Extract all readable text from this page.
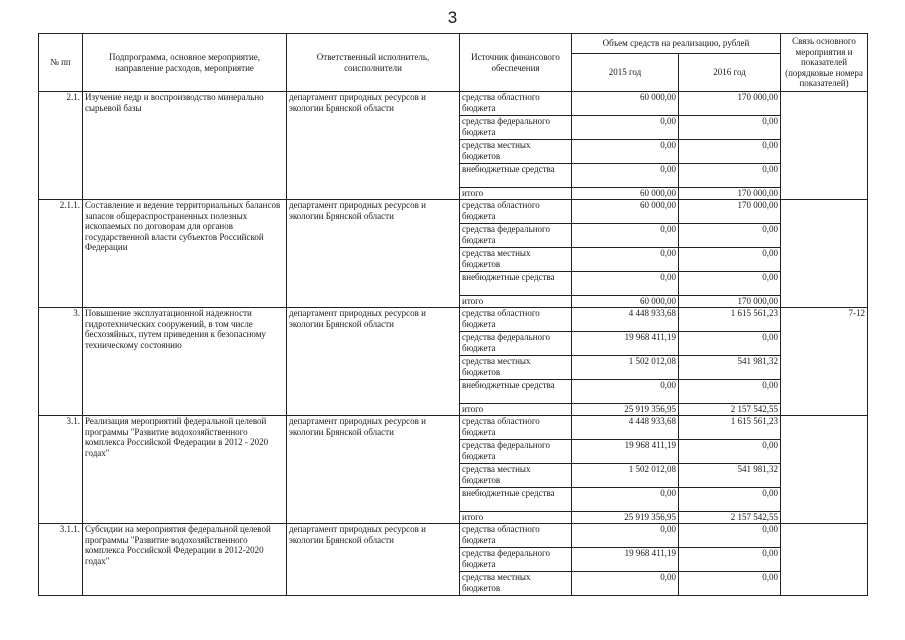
3
№ пп	Подпрограмма, основное мероприятие, направление расходов, мероприятие	Ответственный исполнитель, соисполнители	Источник финансового обеспечения	Объем средств на реализацию, рублей		Связь основного мероприятия и показателей (порядковые номера показателей)
				2015 год	2016 год	
2.1.	Изучение недр и воспроизводство минерально сырьевой базы	департамент природных ресурсов и экологии Брянской области	средства областного бюджета	60 000,00	170 000,00	
			средства федерального бюджета	0,00	0,00	
			средства местных бюджетов	0,00	0,00	
			внебюджетные средства	0,00	0,00	
			итого	60 000,00	170 000,00	
2.1.1.	Составление и ведение территориальных балансов запасов общераспространенных полезных ископаемых по договорам для органов государственной власти субъектов Российской Федерации	департамент природных ресурсов и экологии Брянской области	средства областного бюджета	60 000,00	170 000,00	
			средства федерального бюджета	0,00	0,00	
			средства местных бюджетов	0,00	0,00	
			внебюджетные средства	0,00	0,00	
			итого	60 000,00	170 000,00	
3.	Повышение эксплуатационной надежности гидротехнических сооружений, в том числе бесхозяйных, путем приведения к безопасному техническому состоянию	департамент природных ресурсов и экологии Брянской области	средства областного бюджета	4 448 933,68	1 615 561,23	7-12
			средства федерального бюджета	19 968 411,19	0,00	
			средства местных бюджетов	1 502 012,08	541 981,32	
			внебюджетные средства	0,00	0,00	
			итого	25 919 356,95	2 157 542,55	
3.1.	Реализация мероприятий федеральной целевой программы "Развитие водохозяйственного комплекса Российской Федерации в 2012 - 2020 годах"	департамент природных ресурсов и экологии Брянской области	средства областного бюджета	4 448 933,68	1 615 561,23	
			средства федерального бюджета	19 968 411,19	0,00	
			средства местных бюджетов	1 502 012,08	541 981,32	
			внебюджетные средства	0,00	0,00	
			итого	25 919 356,95	2 157 542,55	
3.1.1.	Субсидии на мероприятия федеральной целевой программы "Развитие водохозяйственного комплекса Российской Федерации в 2012-2020 годах"	департамент природных ресурсов и экологии Брянской области	средства областного бюджета	0,00	0,00	
			средства федерального бюджета	19 968 411,19	0,00	
			средства местных бюджетов	0,00	0,00	
